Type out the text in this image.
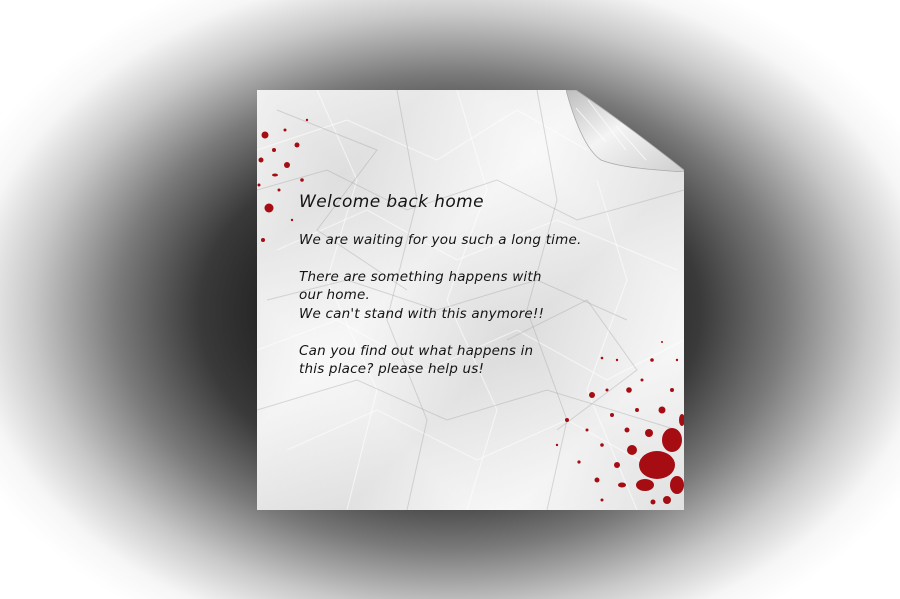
Welcome back home
We are waiting for you such a long time.
There are something happens with
our home.
We can't stand with this anymore!!
Can you find out what happens in
this place? please help us!
